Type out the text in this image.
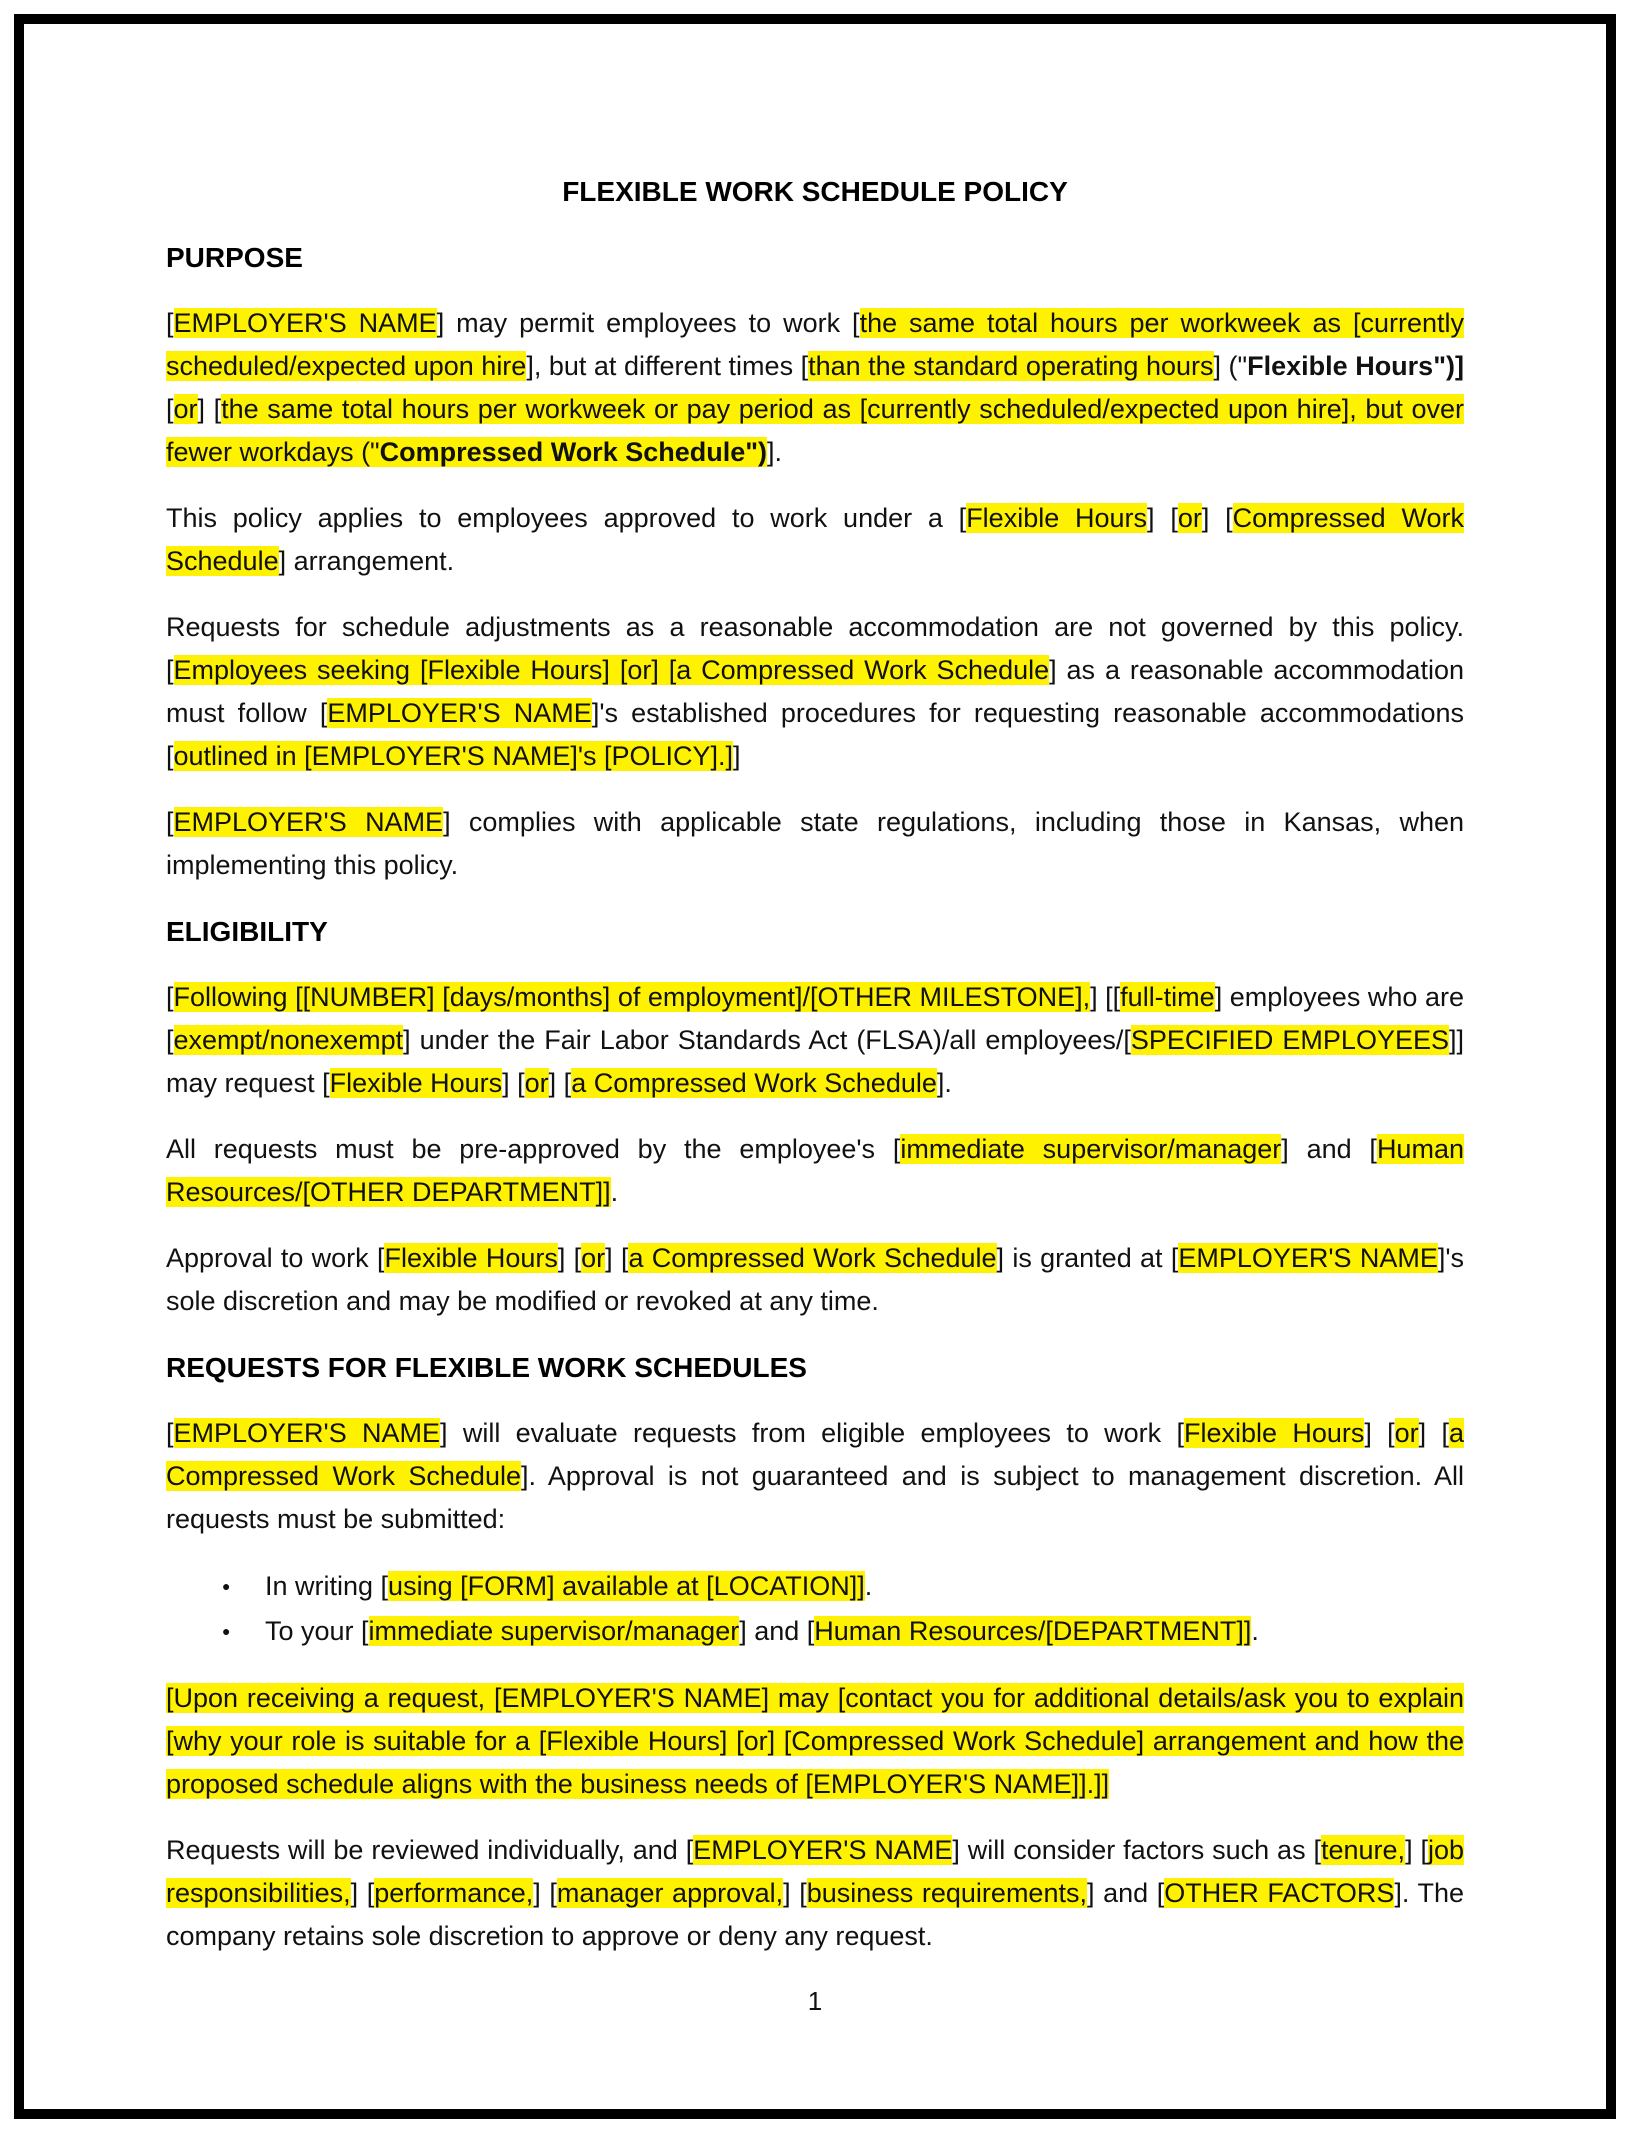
FLEXIBLE WORK SCHEDULE POLICY
PURPOSE

[EMPLOYER'S NAME] may permit employees to work [the same total hours per workweek as [currently scheduled/expected upon hire], but at different times [than the standard operating hours] ("Flexible Hours")] [or] [the same total hours per workweek or pay period as [currently scheduled/expected upon hire], but over fewer workdays ("Compressed Work Schedule")].

This policy applies to employees approved to work under a [Flexible Hours] [or] [Compressed Work Schedule] arrangement.

Requests for schedule adjustments as a reasonable accommodation are not governed by this policy. [Employees seeking [Flexible Hours] [or] [a Compressed Work Schedule] as a reasonable accommodation must follow [EMPLOYER'S NAME]'s established procedures for requesting reasonable accommodations [outlined in [EMPLOYER'S NAME]'s [POLICY].]]

[EMPLOYER'S NAME] complies with applicable state regulations, including those in Kansas, when implementing this policy.

ELIGIBILITY

[Following [[NUMBER] [days/months] of employment]/[OTHER MILESTONE],] [[full-time] employees who are [exempt/nonexempt] under the Fair Labor Standards Act (FLSA)/all employees/[SPECIFIED EMPLOYEES]] may request [Flexible Hours] [or] [a Compressed Work Schedule].

All requests must be pre-approved by the employee's [immediate supervisor/manager] and [Human Resources/[OTHER DEPARTMENT]].

Approval to work [Flexible Hours] [or] [a Compressed Work Schedule] is granted at [EMPLOYER'S NAME]'s sole discretion and may be modified or revoked at any time.

REQUESTS FOR FLEXIBLE WORK SCHEDULES

[EMPLOYER'S NAME] will evaluate requests from eligible employees to work [Flexible Hours] [or] [a Compressed Work Schedule]. Approval is not guaranteed and is subject to management discretion. All requests must be submitted:

● In writing [using [FORM] available at [LOCATION]].
● To your [immediate supervisor/manager] and [Human Resources/[DEPARTMENT]].

[Upon receiving a request, [EMPLOYER'S NAME] may [contact you for additional details/ask you to explain [why your role is suitable for a [Flexible Hours] [or] [Compressed Work Schedule] arrangement and how the proposed schedule aligns with the business needs of [EMPLOYER'S NAME]].]]

Requests will be reviewed individually, and [EMPLOYER'S NAME] will consider factors such as [tenure,] [job responsibilities,] [performance,] [manager approval,] [business requirements,] and [OTHER FACTORS]. The company retains sole discretion to approve or deny any request.

1
